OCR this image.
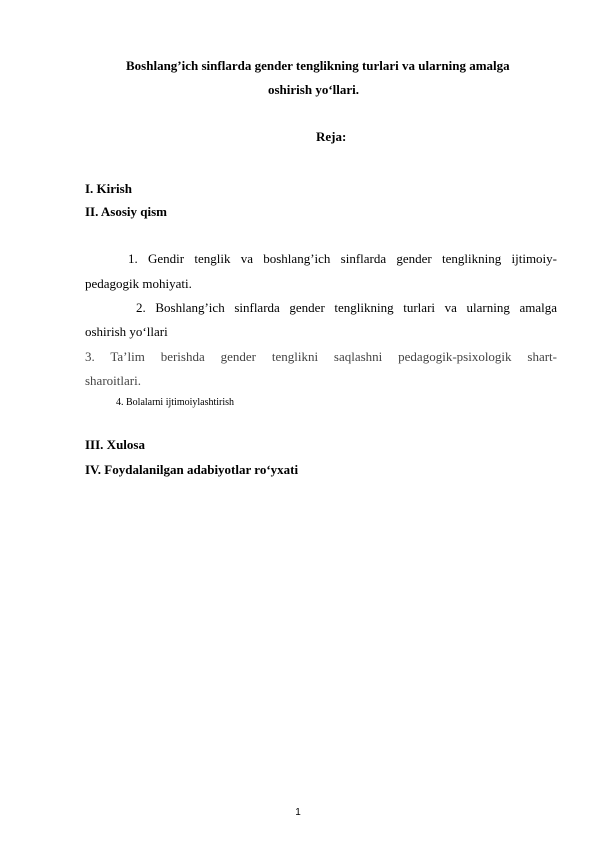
Boshlang’ich sinflarda gender tenglikning turlari va ularning amalga
oshirish yo‘llari.
Reja:
I. Kirish
II. Asosiy qism
1. Gendir tenglik va boshlang’ich sinflarda gender tenglikning ijtimoiy-
pedagogik mohiyati.
2. Boshlang’ich sinflarda gender tenglikning turlari va ularning amalga
oshirish yo‘llari
3. Ta’lim berishda gender tenglikni saqlashni pedagogik-psixologik shart-
sharoitlari.
4. Bolalarni ijtimoiylashtirish
III. Xulosa
IV. Foydalanilgan adabiyotlar ro‘yxati
1
